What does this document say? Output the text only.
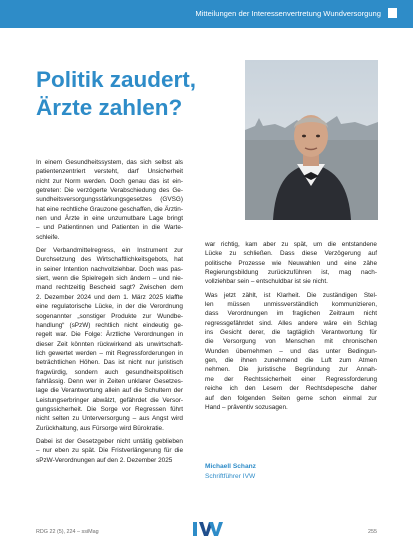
Mitteilungen der Interessenvertretung Wundversorgung
Politik zaudert,
Ärzte zahlen?

In einem Gesundheitssystem, das sich selbst als
patientenzentriert versteht, darf Unsicherheit
nicht zur Norm werden. Doch genau das ist ein-
getreten: Die verzögerte Verabschiedung des Ge-
sundheitsversorgungsstärkungsgesetzes (GVSG)
hat eine rechtliche Grauzone geschaffen, die Ärztin-
nen und Ärzte in eine unzumutbare Lage bringt
– und Patientinnen und Patienten in die Warte-
schleife.

Der Verbandmittelregress, ein Instrument zur
Durchsetzung des Wirtschaftlichkeitsgebots, hat
in seiner Intention nachvollziehbar. Doch was pas-
siert, wenn die Spielregeln sich ändern – und nie-
mand rechtzeitig Bescheid sagt? Zwischen dem
2. Dezember 2024 und dem 1. März 2025 klaffte
eine regulatorische Lücke, in der die Verordnung
sogenannter „sonstiger Produkte zur Wundbe-
handlung“ (sPzW) rechtlich nicht eindeutig ge-
regelt war. Die Folge: Ärztliche Verordnungen in
dieser Zeit könnten rückwirkend als unwirtschaft-
lich gewertet werden – mit Regressforderungen in
beträchtlichen Höhen. Das ist nicht nur juristisch
fragwürdig, sondern auch gesundheitspolitisch
fahrlässig. Denn wer in Zeiten unklarer Gesetzes-
lage die Verantwortung allein auf die Schultern der
Leistungserbringer abwälzt, gefährdet die Versor-
gungssicherheit. Die Sorge vor Regressen führt
nicht selten zu Unterversorgung – aus Angst wird
Zurückhaltung, aus Fürsorge wird Bürokratie.

Dabei ist der Gesetzgeber nicht untätig geblieben
– nur eben zu spät. Die Fristverlängerung für die
sPzW-Verordnungen auf den 2. Dezember 2025

war richtig, kam aber zu spät, um die entstandene
Lücke zu schließen. Dass diese Verzögerung auf
politische Prozesse wie Neuwahlen und eine zähe
Regierungsbildung zurückzuführen ist, mag nach-
vollziehbar sein – entschuldbar ist sie nicht.

Was jetzt zählt, ist Klarheit. Die zuständigen Stel-
len müssen unmissverständlich kommunizieren,
dass Verordnungen im fraglichen Zeitraum nicht
regressgefährdet sind. Alles andere wäre ein Schlag
ins Gesicht derer, die tagtäglich Verantwortung für
die Versorgung von Menschen mit chronischen
Wunden übernehmen – und das unter Bedingun-
gen, die ihnen zunehmend die Luft zum Atmen
nehmen. Die juristische Begründung zur Annah-
me der Rechtssicherheit einer Regressforderung
reiche ich den Lesern der Rechtsdepesche daher
auf den folgenden Seiten gerne schon einmal zur
Hand – präventiv sozusagen.

Michaell Schanz
Schriftführer IVW
RDG 22 (5), 224 – ssiMag	255
